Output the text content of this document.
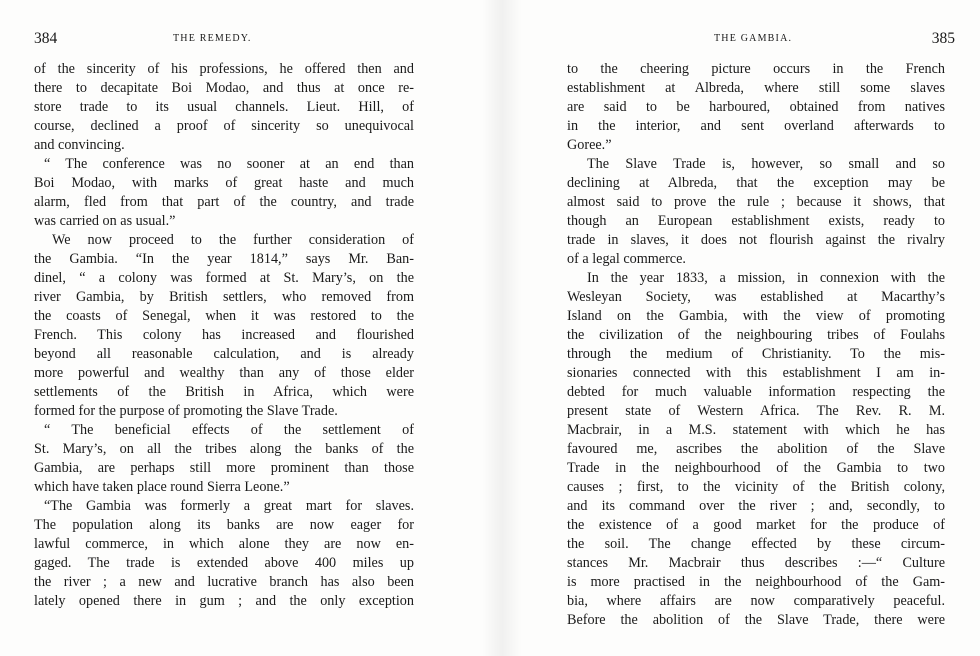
384	THE REMEDY.
of the sincerity of his professions, he offered then and
there to decapitate Boi Modao, and thus at once re-
store trade to its usual channels. Lieut. Hill, of
course, declined a proof of sincerity so unequivocal
and convincing.
“ The conference was no sooner at an end than
Boi Modao, with marks of great haste and much
alarm, fled from that part of the country, and trade
was carried on as usual.”
We now proceed to the further consideration of
the Gambia. “In the year 1814,” says Mr. Ban-
dinel, “ a colony was formed at St. Mary’s, on the
river Gambia, by British settlers, who removed from
the coasts of Senegal, when it was restored to the
French. This colony has increased and flourished
beyond all reasonable calculation, and is already
more powerful and wealthy than any of those elder
settlements of the British in Africa, which were
formed for the purpose of promoting the Slave Trade.
“ The beneficial effects of the settlement of
St. Mary’s, on all the tribes along the banks of the
Gambia, are perhaps still more prominent than those
which have taken place round Sierra Leone.”
“The Gambia was formerly a great mart for slaves.
The population along its banks are now eager for
lawful commerce, in which alone they are now en-
gaged. The trade is extended above 400 miles up
the river ; a new and lucrative branch has also been
lately opened there in gum ; and the only exception
THE GAMBIA.	385
to the cheering picture occurs in the French
establishment at Albreda, where still some slaves
are said to be harboured, obtained from natives
in the interior, and sent overland afterwards to
Goree.”
The Slave Trade is, however, so small and so
declining at Albreda, that the exception may be
almost said to prove the rule ; because it shows, that
though an European establishment exists, ready to
trade in slaves, it does not flourish against the rivalry
of a legal commerce.
In the year 1833, a mission, in connexion with the
Wesleyan Society, was established at Macarthy’s
Island on the Gambia, with the view of promoting
the civilization of the neighbouring tribes of Foulahs
through the medium of Christianity. To the mis-
sionaries connected with this establishment I am in-
debted for much valuable information respecting the
present state of Western Africa. The Rev. R. M.
Macbrair, in a M.S. statement with which he has
favoured me, ascribes the abolition of the Slave
Trade in the neighbourhood of the Gambia to two
causes ; first, to the vicinity of the British colony,
and its command over the river ; and, secondly, to
the existence of a good market for the produce of
the soil. The change effected by these circum-
stances Mr. Macbrair thus describes :—“ Culture
is more practised in the neighbourhood of the Gam-
bia, where affairs are now comparatively peaceful.
Before the abolition of the Slave Trade, there were
